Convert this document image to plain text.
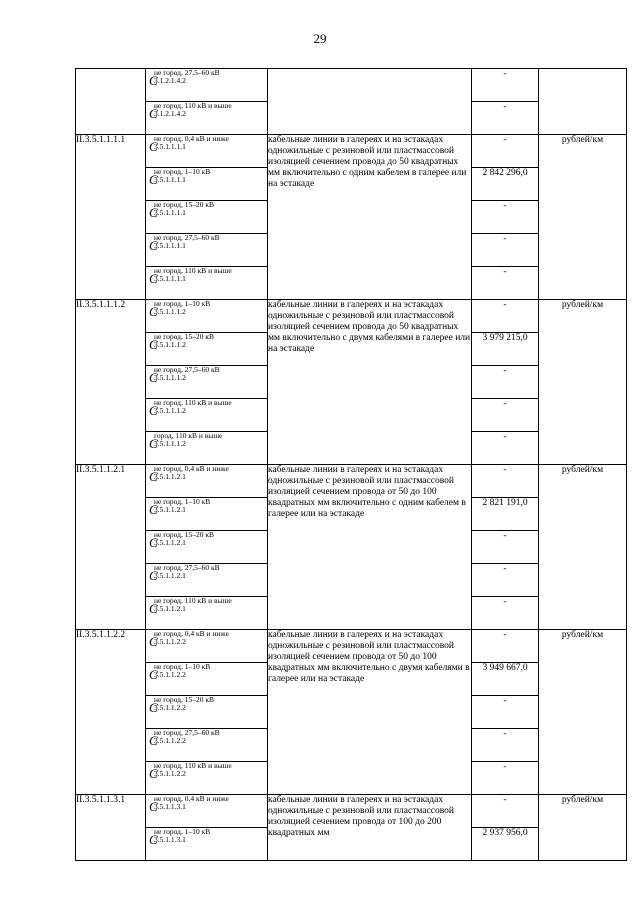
29

	C
не город, 27,5–60 кВ
3.1.2.1.4.2		-	

	C
не город, 110 кВ и выше
3.1.2.1.4.2		-	
II.3.5.1.1.1.1	C
не город, 0,4 кВ и ниже
3.5.1.1.1.1	кабельные линии в галереях и на эстакадах одножильные с резиновой или пластмассовой изоляцией сечением провода до 50 квадратных мм включительно с одним кабелем в галерее или на эстакаде	-	рублей/км

	C
не город, 1–10 кВ
3.5.1.1.1.1		2 842 296,0	

	C
не город, 15–20 кВ
3.5.1.1.1.1		-	

	C
не город, 27,5–60 кВ
3.5.1.1.1.1		-	

	C
не город, 110 кВ и выше
3.5.1.1.1.1		-	
II.3.5.1.1.1.2	C
не город, 1–10 кВ
3.5.1.1.1.2	кабельные линии в галереях и на эстакадах одножильные с резиновой или пластмассовой изоляцией сечением провода до 50 квадратных мм включительно с двумя кабелями в галерее или на эстакаде	-	рублей/км

	C
не город, 15–20 кВ
3.5.1.1.1.2		3 979 215,0	

	C
не город, 27,5–60 кВ
3.5.1.1.1.2		-	

	C
не город, 110 кВ и выше
3.5.1.1.1.2		-	

	C
город, 110 кВ и выше
3.5.1.1.1.2		-	
II.3.5.1.1.2.1	C
не город, 0,4 кВ и ниже
3.5.1.1.2.1	кабельные линии в галереях и на эстакадах одножильные с резиновой или пластмассовой изоляцией сечением провода от 50 до 100 квадратных мм включительно с одним кабелем в галерее или на эстакаде	-	рублей/км

	C
не город, 1–10 кВ
3.5.1.1.2.1		2 821 191,0	

	C
не город, 15–20 кВ
3.5.1.1.2.1		-	

	C
не город, 27,5–60 кВ
3.5.1.1.2.1		-	

	C
не город, 110 кВ и выше
3.5.1.1.2.1		-	
II.3.5.1.1.2.2	C
не город, 0,4 кВ и ниже
3.5.1.1.2.2	кабельные линии в галереях и на эстакадах одножильные с резиновой или пластмассовой изоляцией сечением провода от 50 до 100 квадратных мм включительно с двумя кабелями в галерее или на эстакаде	-	рублей/км

	C
не город, 1–10 кВ
3.5.1.1.2.2		3 949 667,0	

	C
не город, 15–20 кВ
3.5.1.1.2.2		-	

	C
не город, 27,5–60 кВ
3.5.1.1.2.2		-	

	C
не город, 110 кВ и выше
3.5.1.1.2.2		-	
II.3.5.1.1.3.1	C
не город, 0,4 кВ и ниже
3.5.1.1.3.1	кабельные линии в галереях и на эстакадах одножильные с резиновой или пластмассовой изоляцией сечением провода от 100 до 200 квадратных мм	-	рублей/км

	C
не город, 1–10 кВ
3.5.1.1.3.1		2 937 956,0	
